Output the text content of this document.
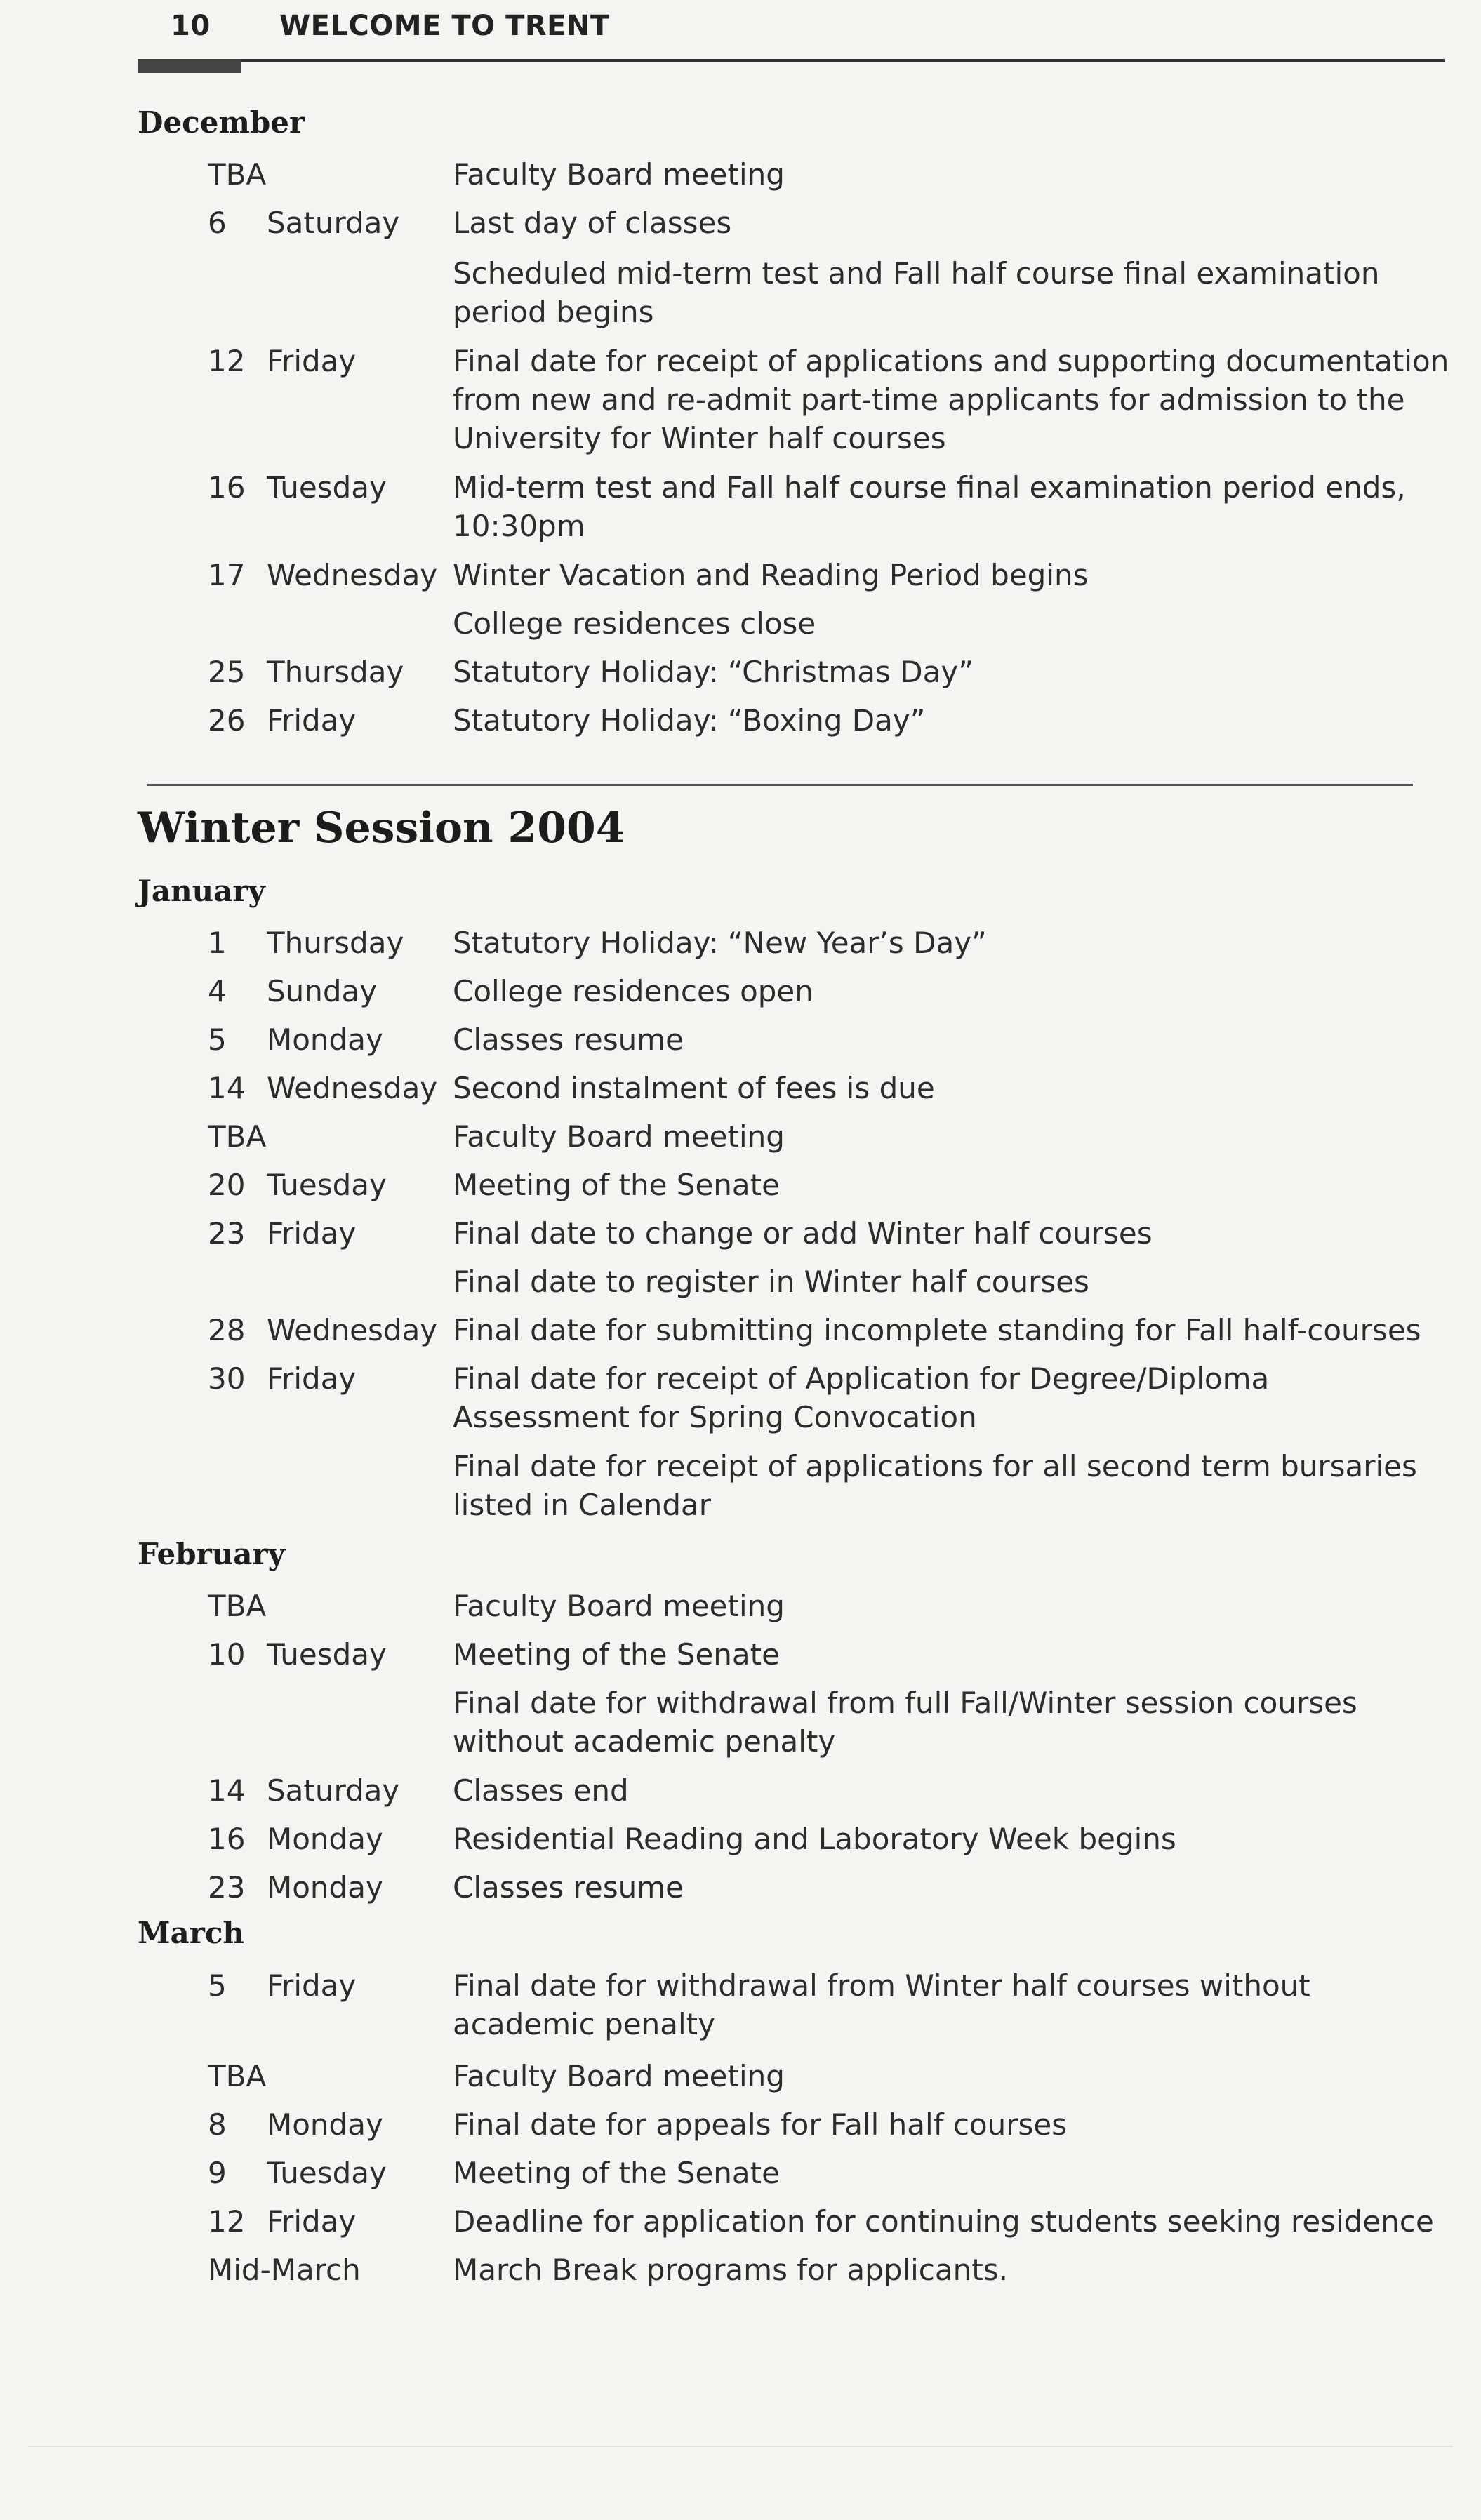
10 WELCOME TO TRENT
December
TBA	Faculty Board meeting
6 Saturday Last day of classes
Scheduled mid-term test and Fall half course final examination period begins
12 Friday	Final date for receipt of applications and supporting documentation from new and re-admit part-time applicants for admission to the University for Winter half courses
16 Tuesday Mid-term test and Fall half course final examination period ends, 10:30pm
17 Wednesday Winter Vacation and Reading Period begins
College residences close
25 Thursday Statutory Holiday: “Christmas Day”
26 Friday	Statutory Holiday: “Boxing Day”
Winter Session 2004
January
1 Thursday Statutory Holiday: “New Year’s Day”
4 Sunday	College residences open
5 Monday Classes resume
14 Wednesday Second instalment of fees is due
TBA	Faculty Board meeting
20 Tuesday Meeting of the Senate
23 Friday	Final date to change or add Winter half courses
Final date to register in Winter half courses
28 Wednesday Final date for submitting incomplete standing for Fall half-courses
30 Friday	Final date for receipt of Application for Degree/Diploma Assessment for Spring Convocation
Final date for receipt of applications for all second term bursaries listed in Calendar
February
TBA	Faculty Board meeting
10 Tuesday Meeting of the Senate
Final date for withdrawal from full Fall/Winter session courses without academic penalty
14 Saturday Classes end
16 Monday Residential Reading and Laboratory Week begins
23 Monday Classes resume
March
5 Friday	Final date for withdrawal from Winter half courses without academic penalty
TBA	Faculty Board meeting
8 Monday Final date for appeals for Fall half courses
9 Tuesday Meeting of the Senate
12 Friday	Deadline for application for continuing students seeking residence
Mid-March	March Break programs for applicants.
